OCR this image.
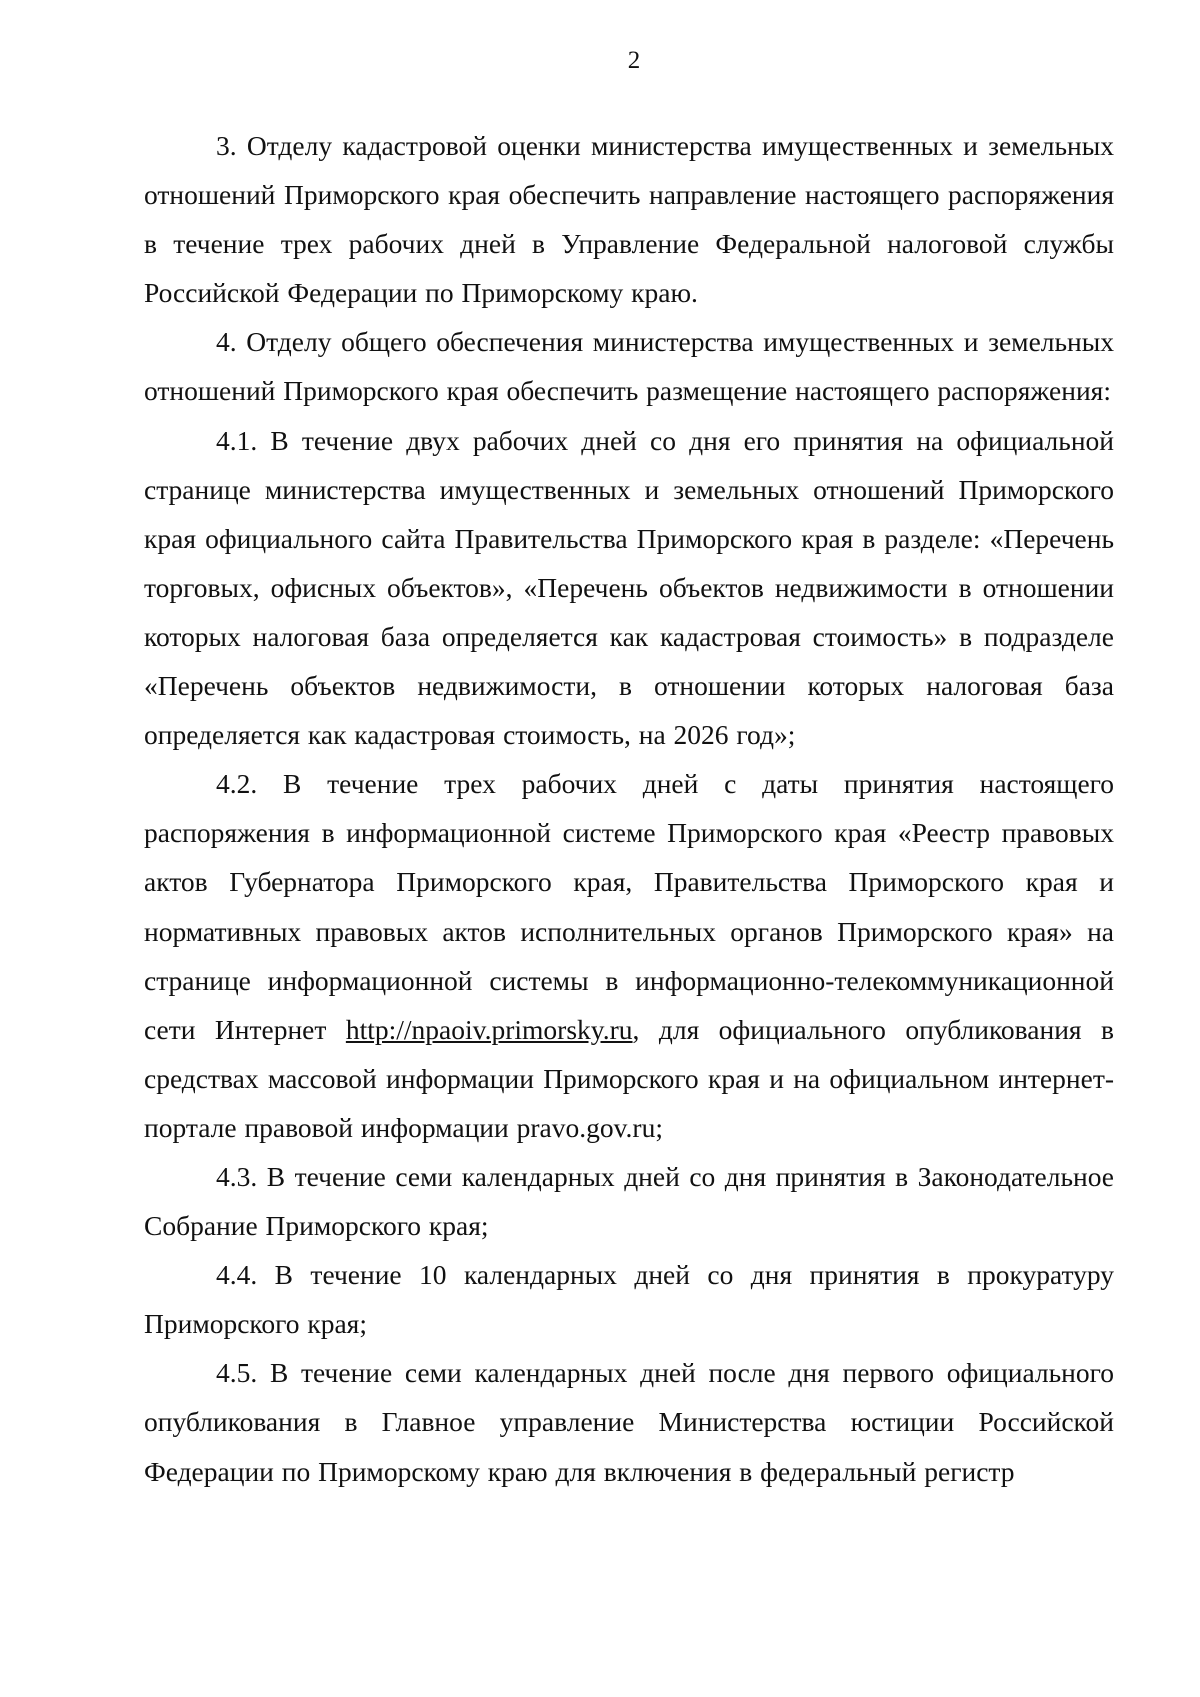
2

3. Отделу кадастровой оценки министерства имущественных и земельных отношений Приморского края обеспечить направление настоящего распоряжения в течение трех рабочих дней в Управление Федеральной налоговой службы Российской Федерации по Приморскому краю.

4. Отделу общего обеспечения министерства имущественных и земельных отношений Приморского края обеспечить размещение настоящего распоряжения:

4.1. В течение двух рабочих дней со дня его принятия на официальной странице министерства имущественных и земельных отношений Приморского края официального сайта Правительства Приморского края в разделе: «Перечень торговых, офисных объектов», «Перечень объектов недвижимости в отношении которых налоговая база определяется как кадастровая стоимость» в подразделе «Перечень объектов недвижимости, в отношении которых налоговая база определяется как кадастровая стоимость, на 2026 год»;

4.2. В течение трех рабочих дней с даты принятия настоящего распоряжения в информационной системе Приморского края «Реестр правовых актов Губернатора Приморского края, Правительства Приморского края и нормативных правовых актов исполнительных органов Приморского края» на странице информационной системы в информационно-телекоммуникационной сети Интернет http://npaoiv.primorsky.ru, для официального опубликования в средствах массовой информации Приморского края и на официальном интернет-портале правовой информации pravo.gov.ru;

4.3. В течение семи календарных дней со дня принятия в Законодательное Собрание Приморского края;

4.4. В течение 10 календарных дней со дня принятия в прокуратуру Приморского края;

4.5. В течение семи календарных дней после дня первого официального опубликования в Главное управление Министерства юстиции Российской Федерации по Приморскому краю для включения в федеральный регистр
